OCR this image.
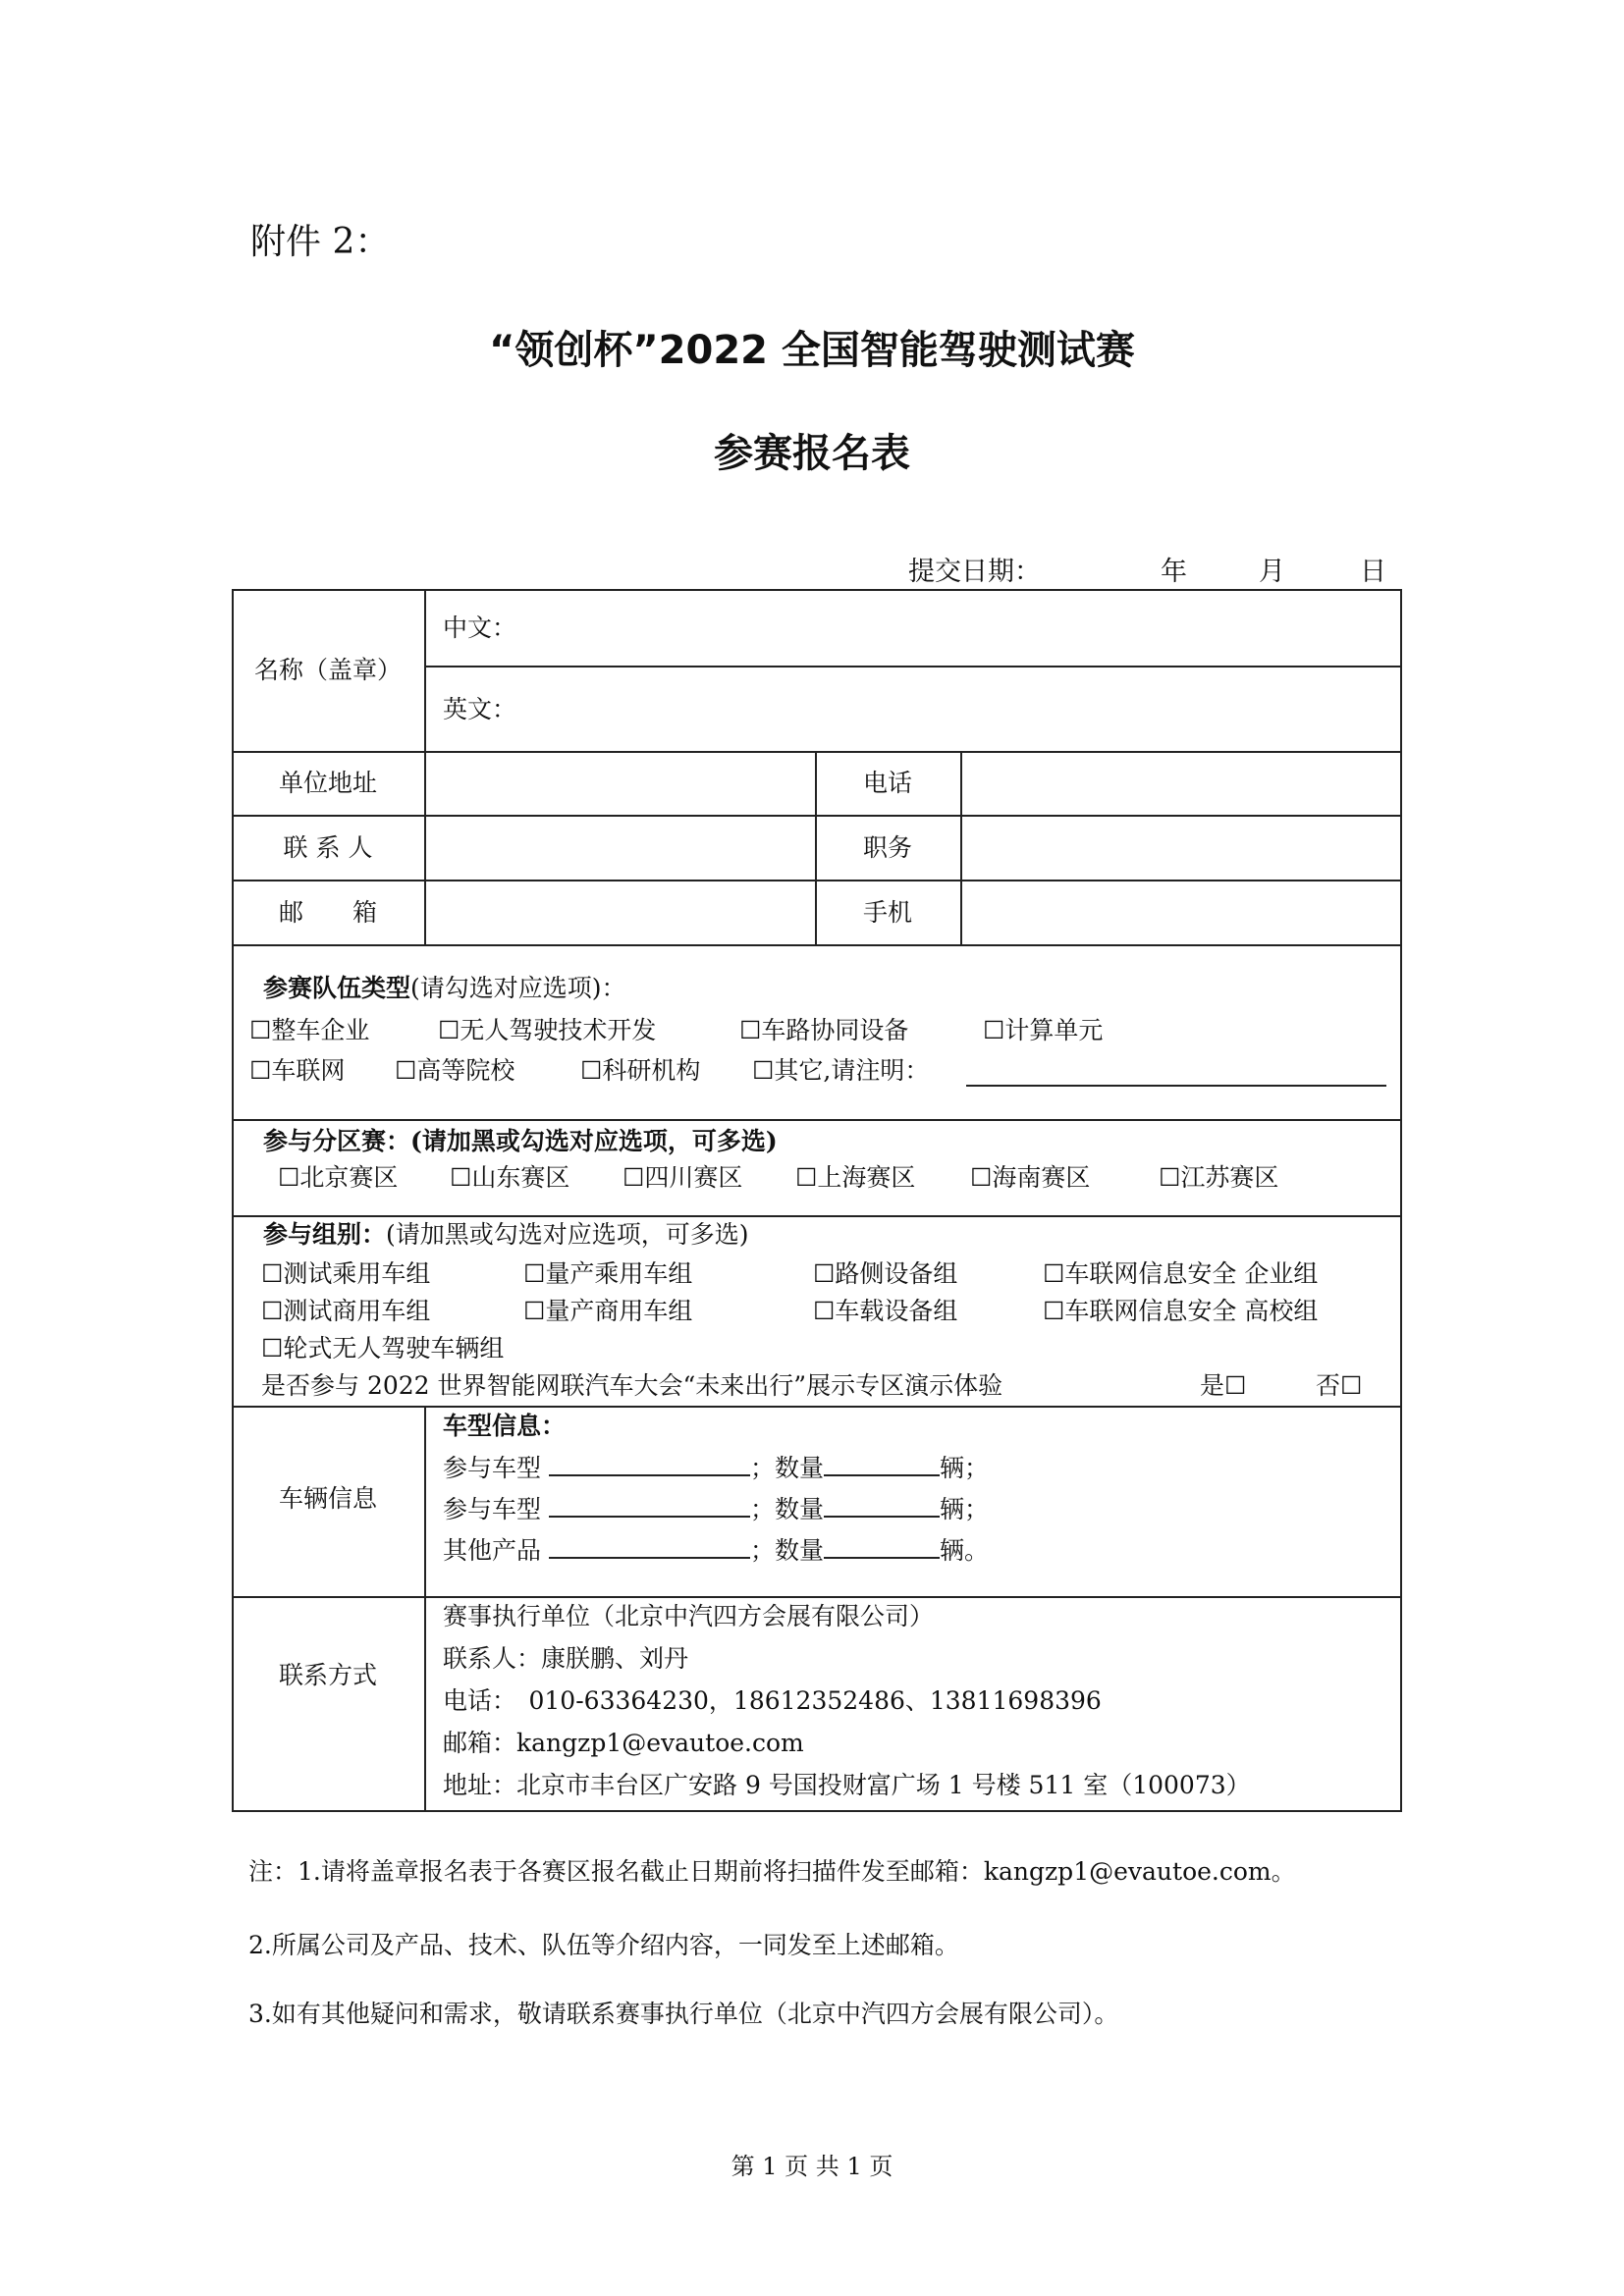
附件 2：
“领创杯”2022 全国智能驾驶测试赛
参赛报名表
提交日期：	年	月	日
名称（盖章）
中文：
英文：
单位地址	电话
联 系 人	职务
邮　　箱	手机
参赛队伍类型(请勾选对应选项)：
☐整车企业	☐无人驾驶技术开发	☐车路协同设备	☐计算单元
☐车联网 ☐高等院校	☐科研机构 ☐其它,请注明：
参与分区赛：(请加黑或勾选对应选项，可多选)
☐北京赛区 ☐山东赛区 ☐四川赛区 ☐上海赛区 ☐海南赛区	☐江苏赛区
参与组别：(请加黑或勾选对应选项，可多选)
☐测试乘用车组	☐量产乘用车组	☐路侧设备组	☐车联网信息安全 企业组
☐测试商用车组	☐量产商用车组	☐车载设备组	☐车联网信息安全 高校组
☐轮式无人驾驶车辆组
是否参与 2022 世界智能网联汽车大会“未来出行”展示专区演示体验	是☐	否☐
车辆信息
车型信息：
参与车型	；数量	辆；
参与车型	；数量	辆；
其他产品	；数量	辆。
联系方式
赛事执行单位（北京中汽四方会展有限公司）
联系人：康朕鹏、刘丹
电话：　010-63364230，18612352486、13811698396
邮箱：kangzp1@evautoe.com
地址：北京市丰台区广安路 9 号国投财富广场 1 号楼 511 室（100073）
注：1.请将盖章报名表于各赛区报名截止日期前将扫描件发至邮箱：kangzp1@evautoe.com。
2.所属公司及产品、技术、队伍等介绍内容，一同发至上述邮箱。
3.如有其他疑问和需求，敬请联系赛事执行单位（北京中汽四方会展有限公司）。
第 1 页 共 1 页
